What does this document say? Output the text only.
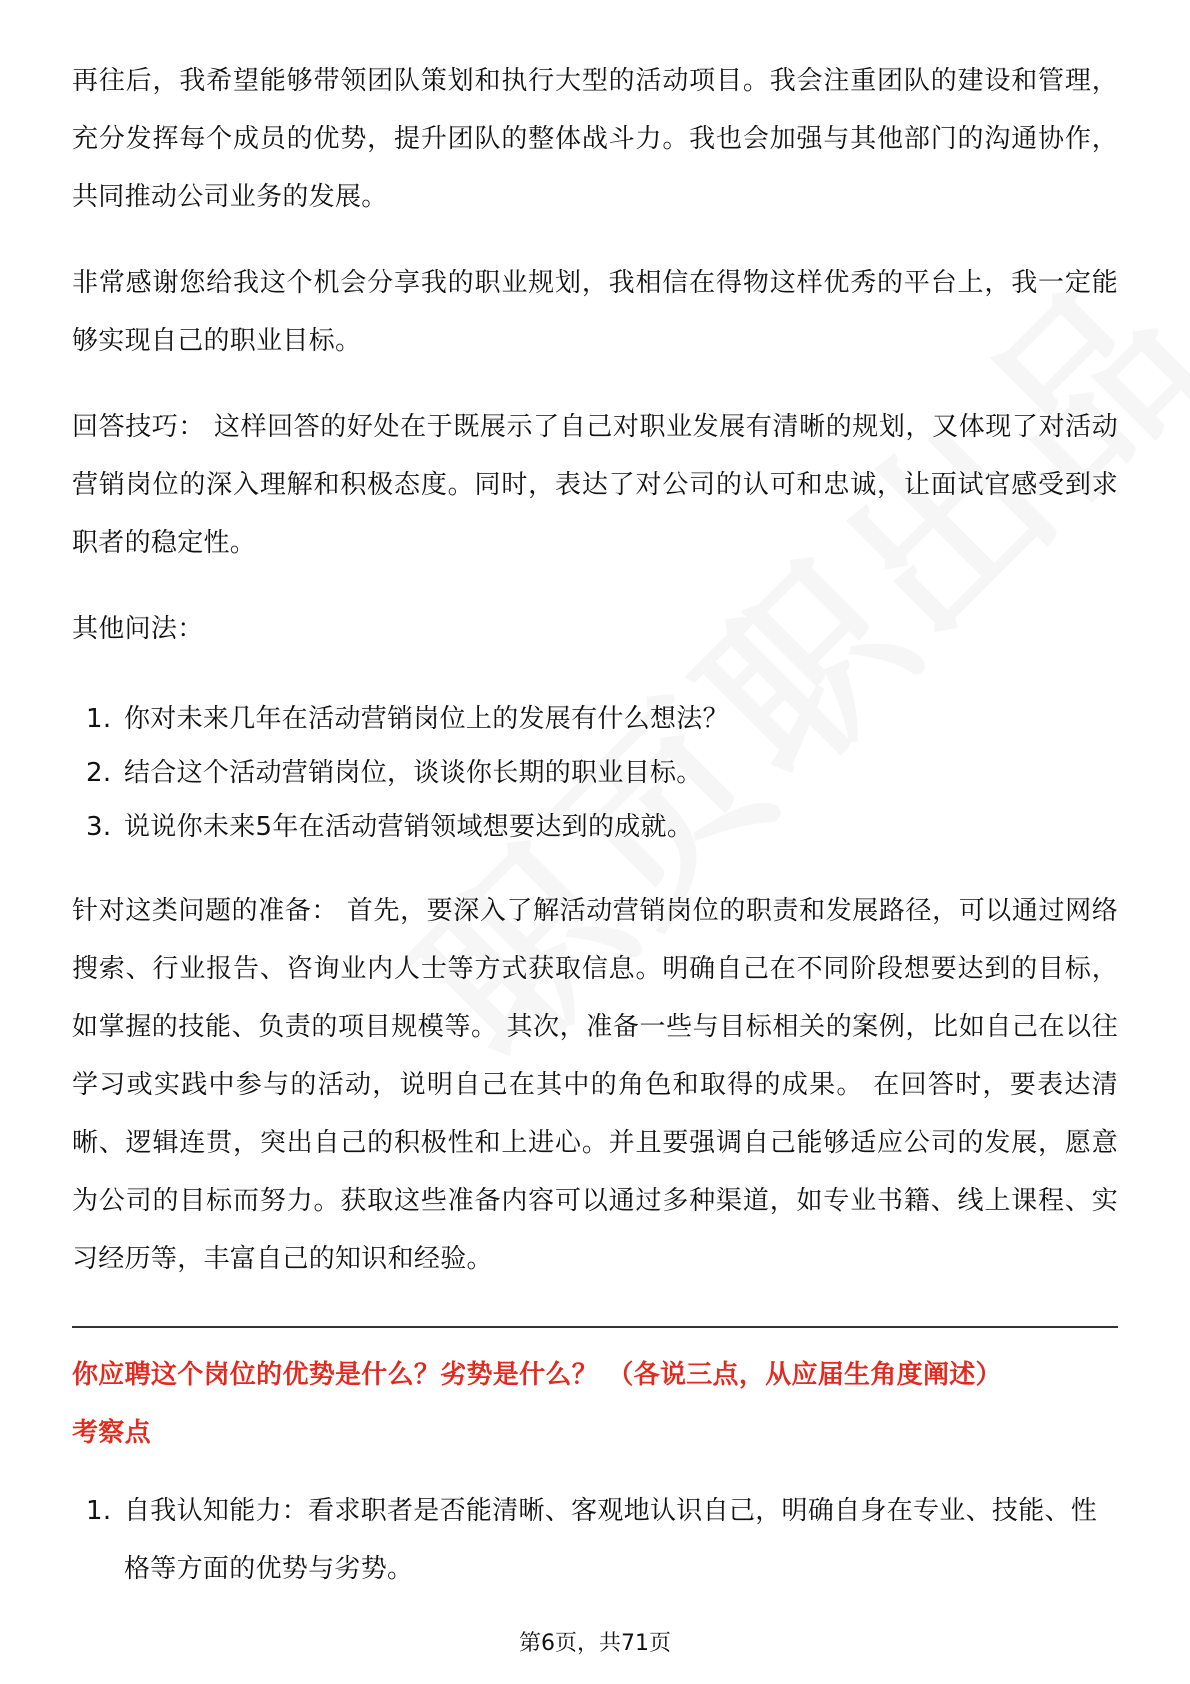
再往后，我希望能够带领团队策划和执行大型的活动项目。我会注重团队的建设和管理，充分发挥每个成员的优势，提升团队的整体战斗力。我也会加强与其他部门的沟通协作，共同推动公司业务的发展。

非常感谢您给我这个机会分享我的职业规划，我相信在得物这样优秀的平台上，我一定能够实现自己的职业目标。

回答技巧： 这样回答的好处在于既展示了自己对职业发展有清晰的规划，又体现了对活动营销岗位的深入理解和积极态度。同时，表达了对公司的认可和忠诚，让面试官感受到求职者的稳定性。

其他问法：

1. 你对未来几年在活动营销岗位上的发展有什么想法？
2. 结合这个活动营销岗位，谈谈你长期的职业目标。
3. 说说你未来5年在活动营销领域想要达到的成就。

针对这类问题的准备： 首先，要深入了解活动营销岗位的职责和发展路径，可以通过网络搜索、行业报告、咨询业内人士等方式获取信息。明确自己在不同阶段想要达到的目标，如掌握的技能、负责的项目规模等。 其次，准备一些与目标相关的案例，比如自己在以往学习或实践中参与的活动，说明自己在其中的角色和取得的成果。 在回答时，要表达清晰、逻辑连贯，突出自己的积极性和上进心。并且要强调自己能够适应公司的发展，愿意为公司的目标而努力。获取这些准备内容可以通过多种渠道，如专业书籍、线上课程、实习经历等，丰富自己的知识和经验。

你应聘这个岗位的优势是什么？劣势是什么？ （各说三点，从应届生角度阐述）

考察点

1. 自我认知能力：看求职者是否能清晰、客观地认识自己，明确自身在专业、技能、性格等方面的优势与劣势。
第6页，共71页
